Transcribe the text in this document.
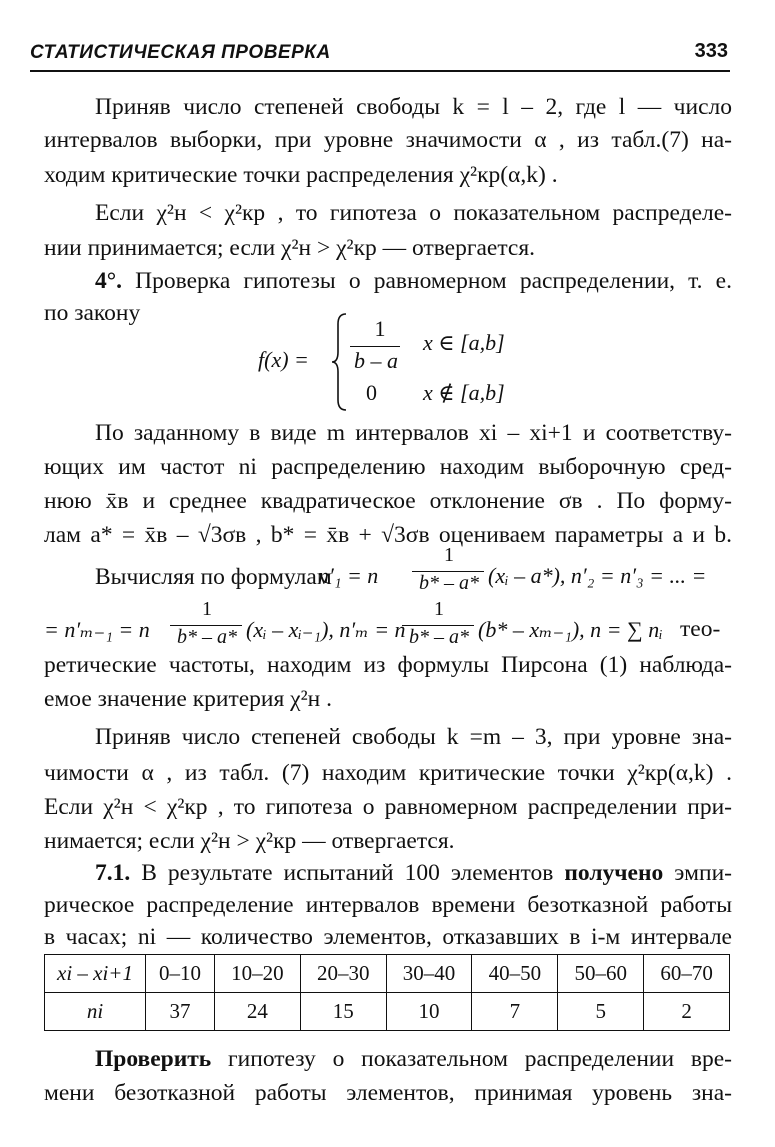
СТАТИСТИЧЕСКАЯ ПРОВЕРКА	333
Приняв число степеней свободы k = l – 2, где l — число
интервалов выборки, при уровне значимости α , из табл.(7) на-
ходим критические точки распределения χ²кр(α,k) .
Если χ²н < χ²кр , то гипотеза о показательном распределе-
нии принимается; если χ²н > χ²кр — отвергается.
4°. Проверка гипотезы о равномерном распределении, т. е.
по закону
f(x) =
1
b – a
x ∈ [a,b]
0 x ∉ [a,b]
По заданному в виде m интервалов xi – xi+1 и соответству-
ющих им частот ni распределению находим выборочную сред-
нюю x̄в и среднее квадратическое отклонение σв . По форму-
лам a* = x̄в – √3σв , b* = x̄в + √3σв оцениваем параметры a и b.
Вычисляя по формулам
n′₁ = n
1
b* – a* (xᵢ – a*), n′₂ = n′₃ = ... =
= n′ₘ₋₁ = n
1
b* – a* (xᵢ – xᵢ₋₁), n′ₘ = n
1
b* – a* (b* – xₘ₋₁), n = ∑ nᵢ тео-
ретические частоты, находим из формулы Пирсона (1) наблюда-
емое значение критерия χ²н .
Приняв число степеней свободы k =m – 3, при уровне зна-
чимости α , из табл. (7) находим критические точки χ²кр(α,k) .
Если χ²н < χ²кр , то гипотеза о равномерном распределении при-
нимается; если χ²н > χ²кр — отвергается.
7.1. В результате испытаний 100 элементов получено эмпи-
рическое распределение интервалов времени безотказной работы
в часах; ni — количество элементов, отказавших в i-м интервале
xi – xi+1	0–10	10–20	20–30	30–40	40–50	50–60	60–70
ni	37	24	15	10	7	5	2
Проверить гипотезу о показательном распределении вре-
мени безотказной работы элементов, принимая уровень зна-
